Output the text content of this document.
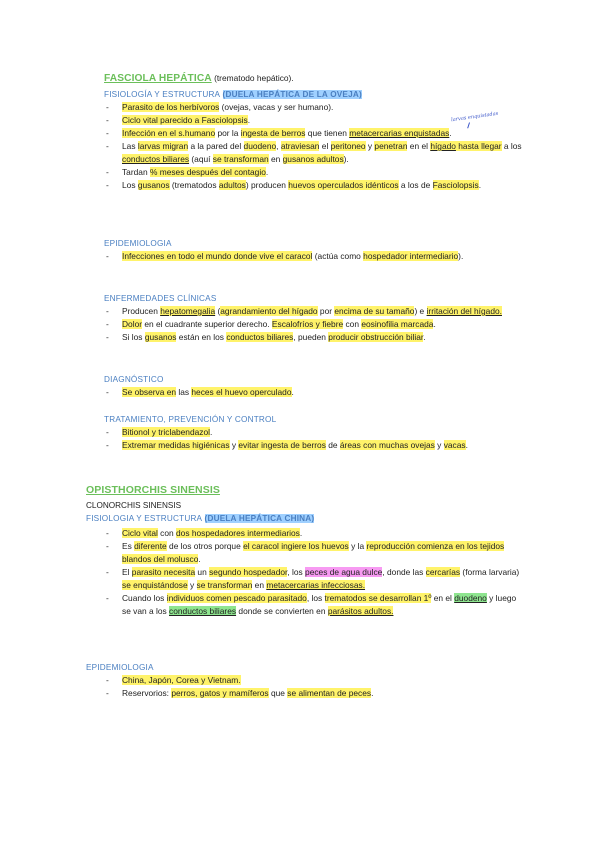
larvas enquistadas
FASCIOLA HEPÁTICA (trematodo hepático).
FISIOLOGÍA Y ESTRUCTURA (DUELA HEPÁTICA DE LA OVEJA)
- Parasito de los herbívoros (ovejas, vacas y ser humano).
- Ciclo vital parecido a Fasciolopsis.
- Infección en el s.humano por la ingesta de berros que tienen metacercarias enquistadas.
- Las larvas migran a la pared del duodeno, atraviesan el peritoneo y penetran en el hígado hasta llegar a los conductos biliares (aquí se transforman en gusanos adultos).
- Tardan % meses después del contagio.
- Los gusanos (trematodos adultos) producen huevos operculados idénticos a los de Fasciolopsis.
EPIDEMIOLOGIA
- Infecciones en todo el mundo donde vive el caracol (actúa como hospedador intermediario).
ENFERMEDADES CLÍNICAS
- Producen hepatomegalia (agrandamiento del hígado por encima de su tamaño) e irritación del hígado.
- Dolor en el cuadrante superior derecho. Escalofríos y fiebre con eosinofilia marcada.
- Si los gusanos están en los conductos biliares, pueden producir obstrucción biliar.
DIAGNÓSTICO
- Se observa en las heces el huevo operculado.
TRATAMIENTO, PREVENCIÓN Y CONTROL
- Bitionol y triclabendazol.
- Extremar medidas higiénicas y evitar ingesta de berros de áreas con muchas ovejas y vacas.
OPISTHORCHIS SINENSIS
CLONORCHIS SINENSIS
FISIOLOGIA Y ESTRUCTURA (DUELA HEPÁTICA CHINA)
- Ciclo vital con dos hospedadores intermediarios.
- Es diferente de los otros porque el caracol ingiere los huevos y la reproducción comienza en los tejidos blandos del molusco.
- El parasito necesita un segundo hospedador, los peces de agua dulce, donde las cercarías (forma larvaria) se enquistándose y se transforman en metacercarias infecciosas.
- Cuando los individuos comen pescado parasitado, los trematodos se desarrollan 1º en el duodeno y luego se van a los conductos biliares donde se convierten en parásitos adultos.
EPIDEMIOLOGIA
- China, Japón, Corea y Vietnam.
- Reservorios: perros, gatos y mamíferos que se alimentan de peces.
